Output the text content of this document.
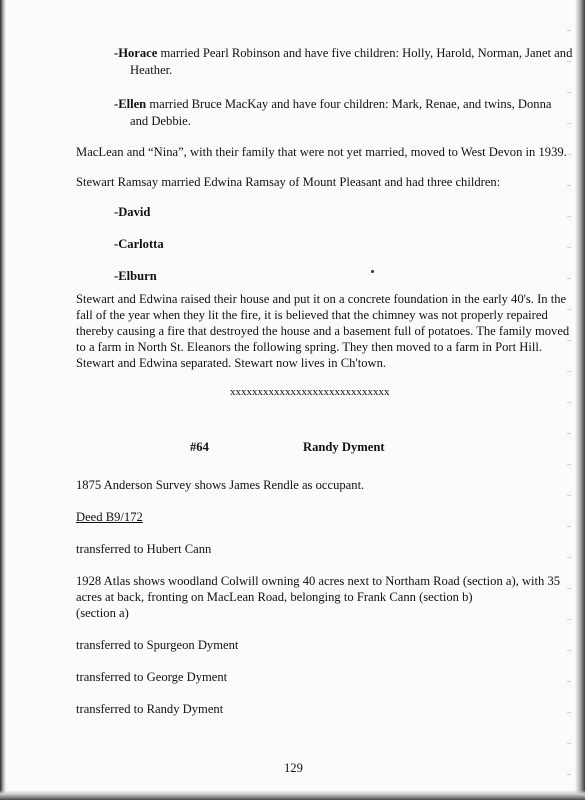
-Horace married Pearl Robinson and have five children: Holly, Harold, Norman, Janet and
Heather.
-Ellen married Bruce MacKay and have four children: Mark, Renae, and twins, Donna
and Debbie.
MacLean and “Nina”, with their family that were not yet married, moved to West Devon in 1939.
Stewart Ramsay married Edwina Ramsay of Mount Pleasant and had three children:
-David
-Carlotta
-Elburn
Stewart and Edwina raised their house and put it on a concrete foundation in the early 40's. In the
fall of the year when they lit the fire, it is believed that the chimney was not properly repaired
thereby causing a fire that destroyed the house and a basement full of potatoes. The family moved
to a farm in North St. Eleanors the following spring. They then moved to a farm in Port Hill.
Stewart and Edwina separated. Stewart now lives in Ch'town.
xxxxxxxxxxxxxxxxxxxxxxxxxxxxx
#64	Randy Dyment
1875 Anderson Survey shows James Rendle as occupant.
Deed B9/172
transferred to Hubert Cann
1928 Atlas shows woodland Colwill owning 40 acres next to Northam Road (section a), with 35
acres at back, fronting on MacLean Road, belonging to Frank Cann (section b)
(section a)
transferred to Spurgeon Dyment
transferred to George Dyment
transferred to Randy Dyment
129
